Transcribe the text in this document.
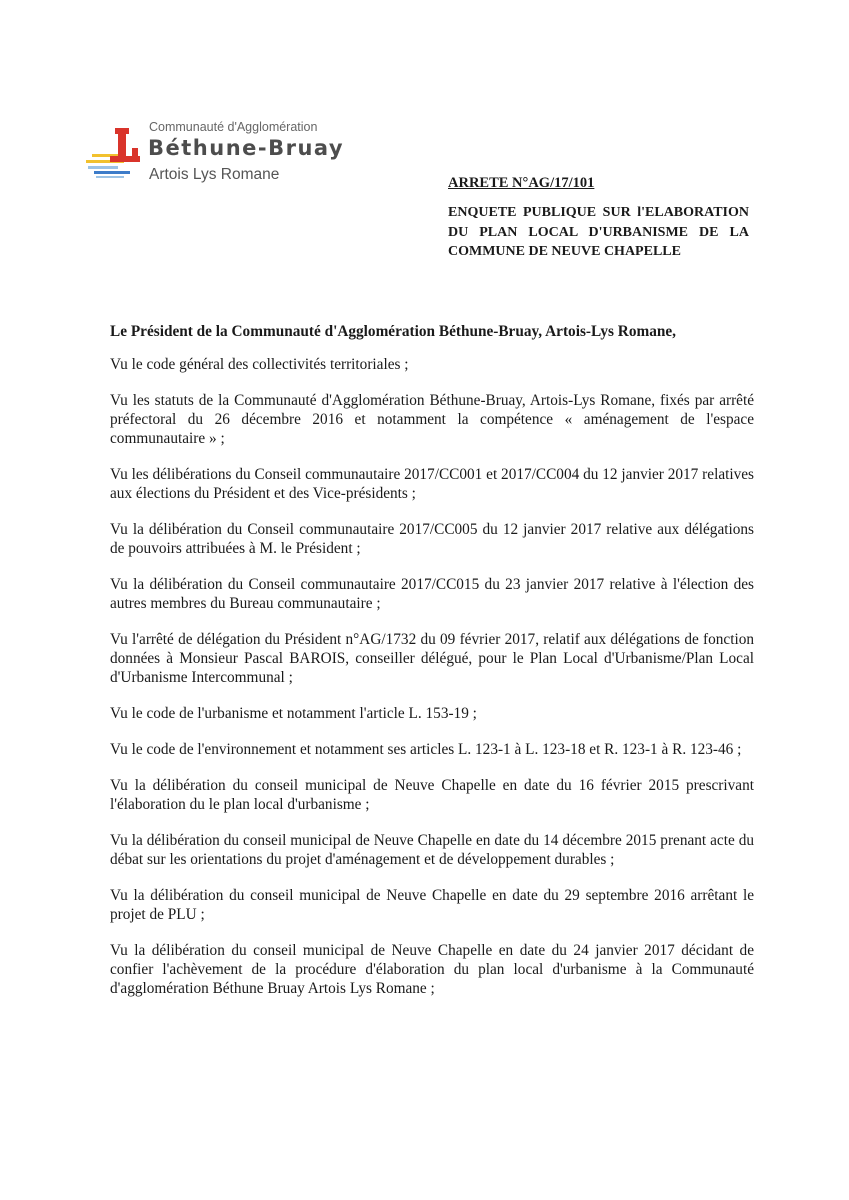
Communauté d'Agglomération
Béthune-Bruay
Artois Lys Romane	ARRETE N°AG/17/101
ENQUETE PUBLIQUE SUR l'ELABORATION DU PLAN LOCAL D'URBANISME DE LA COMMUNE DE NEUVE CHAPELLE

Le Président de la Communauté d'Agglomération Béthune-Bruay, Artois-Lys Romane,

Vu le code général des collectivités territoriales ;

Vu les statuts de la Communauté d'Agglomération Béthune-Bruay, Artois-Lys Romane, fixés par arrêté préfectoral du 26 décembre 2016 et notamment la compétence « aménagement de l'espace communautaire » ;

Vu les délibérations du Conseil communautaire 2017/CC001 et 2017/CC004 du 12 janvier 2017 relatives aux élections du Président et des Vice-présidents ;

Vu la délibération du Conseil communautaire 2017/CC005 du 12 janvier 2017 relative aux délégations de pouvoirs attribuées à M. le Président ;

Vu la délibération du Conseil communautaire 2017/CC015 du 23 janvier 2017 relative à l'élection des autres membres du Bureau communautaire ;

Vu l'arrêté de délégation du Président n°AG/1732 du 09 février 2017, relatif aux délégations de fonction données à Monsieur Pascal BAROIS, conseiller délégué, pour le Plan Local d'Urbanisme/Plan Local d'Urbanisme Intercommunal ;

Vu le code de l'urbanisme et notamment l'article L. 153-19 ;

Vu le code de l'environnement et notamment ses articles L. 123-1 à L. 123-18 et R. 123-1 à R. 123-46 ;

Vu la délibération du conseil municipal de Neuve Chapelle en date du 16 février 2015 prescrivant l'élaboration du le plan local d'urbanisme ;

Vu la délibération du conseil municipal de Neuve Chapelle en date du 14 décembre 2015 prenant acte du débat sur les orientations du projet d'aménagement et de développement durables ;

Vu la délibération du conseil municipal de Neuve Chapelle en date du 29 septembre 2016 arrêtant le projet de PLU ;

Vu la délibération du conseil municipal de Neuve Chapelle en date du 24 janvier 2017 décidant de confier l'achèvement de la procédure d'élaboration du plan local d'urbanisme à la Communauté d'agglomération Béthune Bruay Artois Lys Romane ;
